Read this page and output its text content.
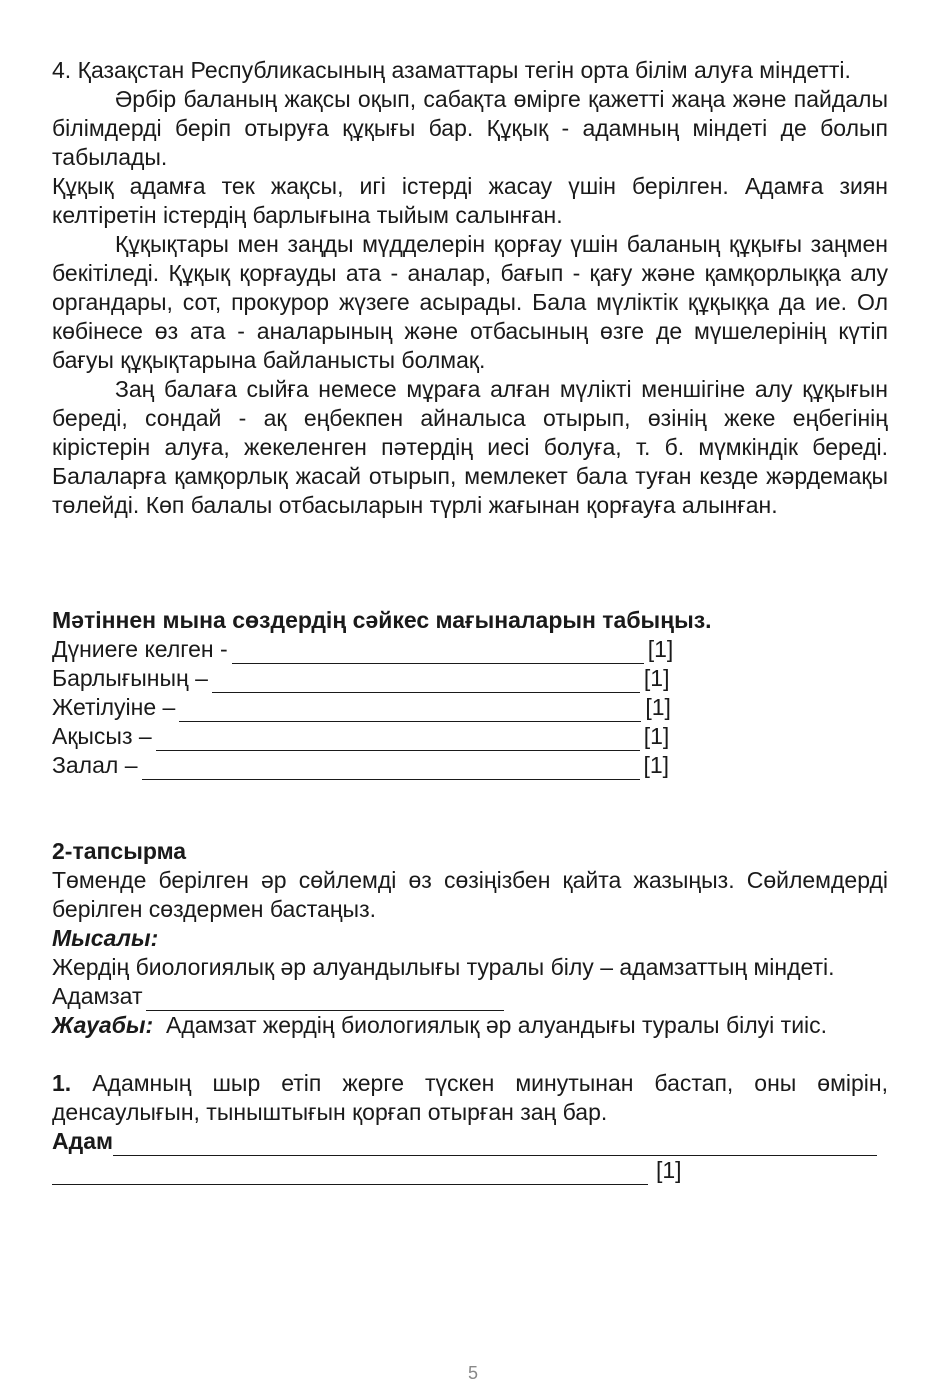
4. Қазақстан Республикасының азаматтары тегін орта білім алуға міндетті.

Әрбір баланың жақсы оқып, сабақта өмірге қажетті жаңа және пайдалы білімдерді беріп отыруға құқығы бар. Құқық - адамның міндеті де болып табылады.

Құқық адамға тек жақсы, игі істерді жасау үшін берілген. Адамға зиян келтіретін істердің барлығына тыйым салынған.

Құқықтары мен заңды мүдделерін қорғау үшін баланың құқығы заңмен бекітіледі. Құқық қорғауды ата - аналар, бағып - қағу және қамқорлыққа алу органдары, сот, прокурор жүзеге асырады. Бала мүліктік құқыққа да ие. Ол көбінесе өз ата - аналарының және отбасының өзге де мүшелерінің күтіп бағуы құқықтарына байланысты болмақ.

Заң балаға сыйға немесе мұраға алған мүлікті меншігіне алу құқығын береді, сондай - ақ еңбекпен айналыса отырып, өзінің жеке еңбегінің кірістерін алуға, жекеленген пәтердің иесі болуға, т. б. мүмкіндік береді. Балаларға қамқорлық жасай отырып, мемлекет бала туған кезде жәрдемақы төлейді. Көп балалы отбасыларын түрлі жағынан қорғауға алынған.

Мәтіннен мына сөздердің сәйкес мағыналарын табыңыз.

Дүниеге келген -	[1]
Барлығының –	[1]
Жетілуіне –	[1]
Ақысыз –	[1]
Залал –	[1]

2-тапсырма

Төменде берілген әр сөйлемді өз сөзіңізбен қайта жазыңыз. Сөйлемдерді берілген сөздермен бастаңыз.

Мысалы:

Жердің биологиялық әр алуандылығы туралы білу – адамзаттың міндеті.

Адамзат

Жауабы: Адамзат жердің биологиялық әр алуандығы туралы білуі тиіс.

1. Адамның шыр етіп жерге түскен минутынан бастап, оны өмірін, денсаулығын, тыныштығын қорғап отырған заң бар.

Адам
[1]
5
